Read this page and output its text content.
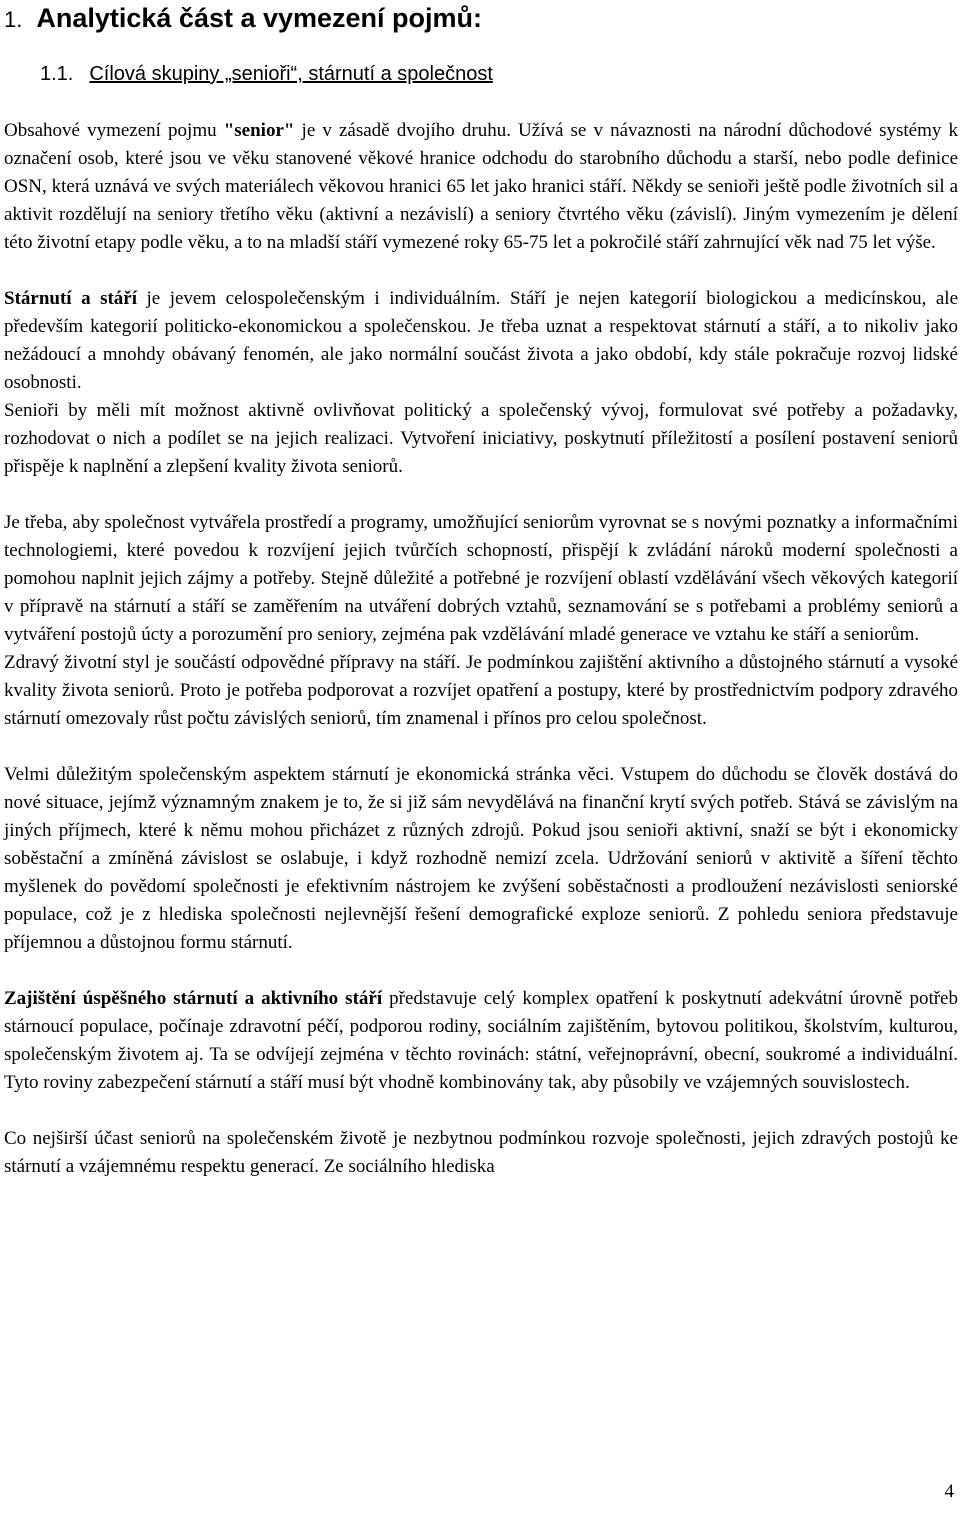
1. Analytická část a vymezení pojmů:
1.1. Cílová skupiny „senioři“, stárnutí a společnost

Obsahové vymezení pojmu "senior" je v zásadě dvojího druhu. Užívá se v návaznosti na národní důchodové systémy k označení osob, které jsou ve věku stanovené věkové hranice odchodu do starobního důchodu a starší, nebo podle definice OSN, která uznává ve svých materiálech věkovou hranici 65 let jako hranici stáří. Někdy se senioři ještě podle životních sil a aktivit rozdělují na seniory třetího věku (aktivní a nezávislí) a seniory čtvrtého věku (závislí). Jiným vymezením je dělení této životní etapy podle věku, a to na mladší stáří vymezené roky 65-75 let a pokročilé stáří zahrnující věk nad 75 let výše.

Stárnutí a stáří je jevem celospolečenským i individuálním. Stáří je nejen kategorií biologickou a medicínskou, ale především kategorií politicko-ekonomickou a společenskou. Je třeba uznat a respektovat stárnutí a stáří, a to nikoliv jako nežádoucí a mnohdy obávaný fenomén, ale jako normální součást života a jako období, kdy stále pokračuje rozvoj lidské osobnosti.

Senioři by měli mít možnost aktivně ovlivňovat politický a společenský vývoj, formulovat své potřeby a požadavky, rozhodovat o nich a podílet se na jejich realizaci. Vytvoření iniciativy, poskytnutí příležitostí a posílení postavení seniorů přispěje k naplnění a zlepšení kvality života seniorů.

Je třeba, aby společnost vytvářela prostředí a programy, umožňující seniorům vyrovnat se s novými poznatky a informačními technologiemi, které povedou k rozvíjení jejich tvůrčích schopností, přispějí k zvládání nároků moderní společnosti a pomohou naplnit jejich zájmy a potřeby. Stejně důležité a potřebné je rozvíjení oblastí vzdělávání všech věkových kategorií v přípravě na stárnutí a stáří se zaměřením na utváření dobrých vztahů, seznamování se s potřebami a problémy seniorů a vytváření postojů úcty a porozumění pro seniory, zejména pak vzdělávání mladé generace ve vztahu ke stáří a seniorům.

Zdravý životní styl je součástí odpovědné přípravy na stáří. Je podmínkou zajištění aktivního a důstojného stárnutí a vysoké kvality života seniorů. Proto je potřeba podporovat a rozvíjet opatření a postupy, které by prostřednictvím podpory zdravého stárnutí omezovaly růst počtu závislých seniorů, tím znamenal i přínos pro celou společnost.

Velmi důležitým společenským aspektem stárnutí je ekonomická stránka věci. Vstupem do důchodu se člověk dostává do nové situace, jejímž významným znakem je to, že si již sám nevydělává na finanční krytí svých potřeb. Stává se závislým na jiných příjmech, které k němu mohou přicházet z různých zdrojů. Pokud jsou senioři aktivní, snaží se být i ekonomicky soběstační a zmíněná závislost se oslabuje, i když rozhodně nemizí zcela. Udržování seniorů v aktivitě a šíření těchto myšlenek do povědomí společnosti je efektivním nástrojem ke zvýšení soběstačnosti a prodloužení nezávislosti seniorské populace, což je z hlediska společnosti nejlevnější řešení demografické exploze seniorů. Z pohledu seniora představuje příjemnou a důstojnou formu stárnutí.

Zajištění úspěšného stárnutí a aktivního stáří představuje celý komplex opatření k poskytnutí adekvátní úrovně potřeb stárnoucí populace, počínaje zdravotní péčí, podporou rodiny, sociálním zajištěním, bytovou politikou, školstvím, kulturou, společenským životem aj. Ta se odvíjejí zejména v těchto rovinách: státní, veřejnoprávní, obecní, soukromé a individuální. Tyto roviny zabezpečení stárnutí a stáří musí být vhodně kombinovány tak, aby působily ve vzájemných souvislostech.

Co nejširší účast seniorů na společenském životě je nezbytnou podmínkou rozvoje společnosti, jejich zdravých postojů ke stárnutí a vzájemnému respektu generací. Ze sociálního hlediska

4
